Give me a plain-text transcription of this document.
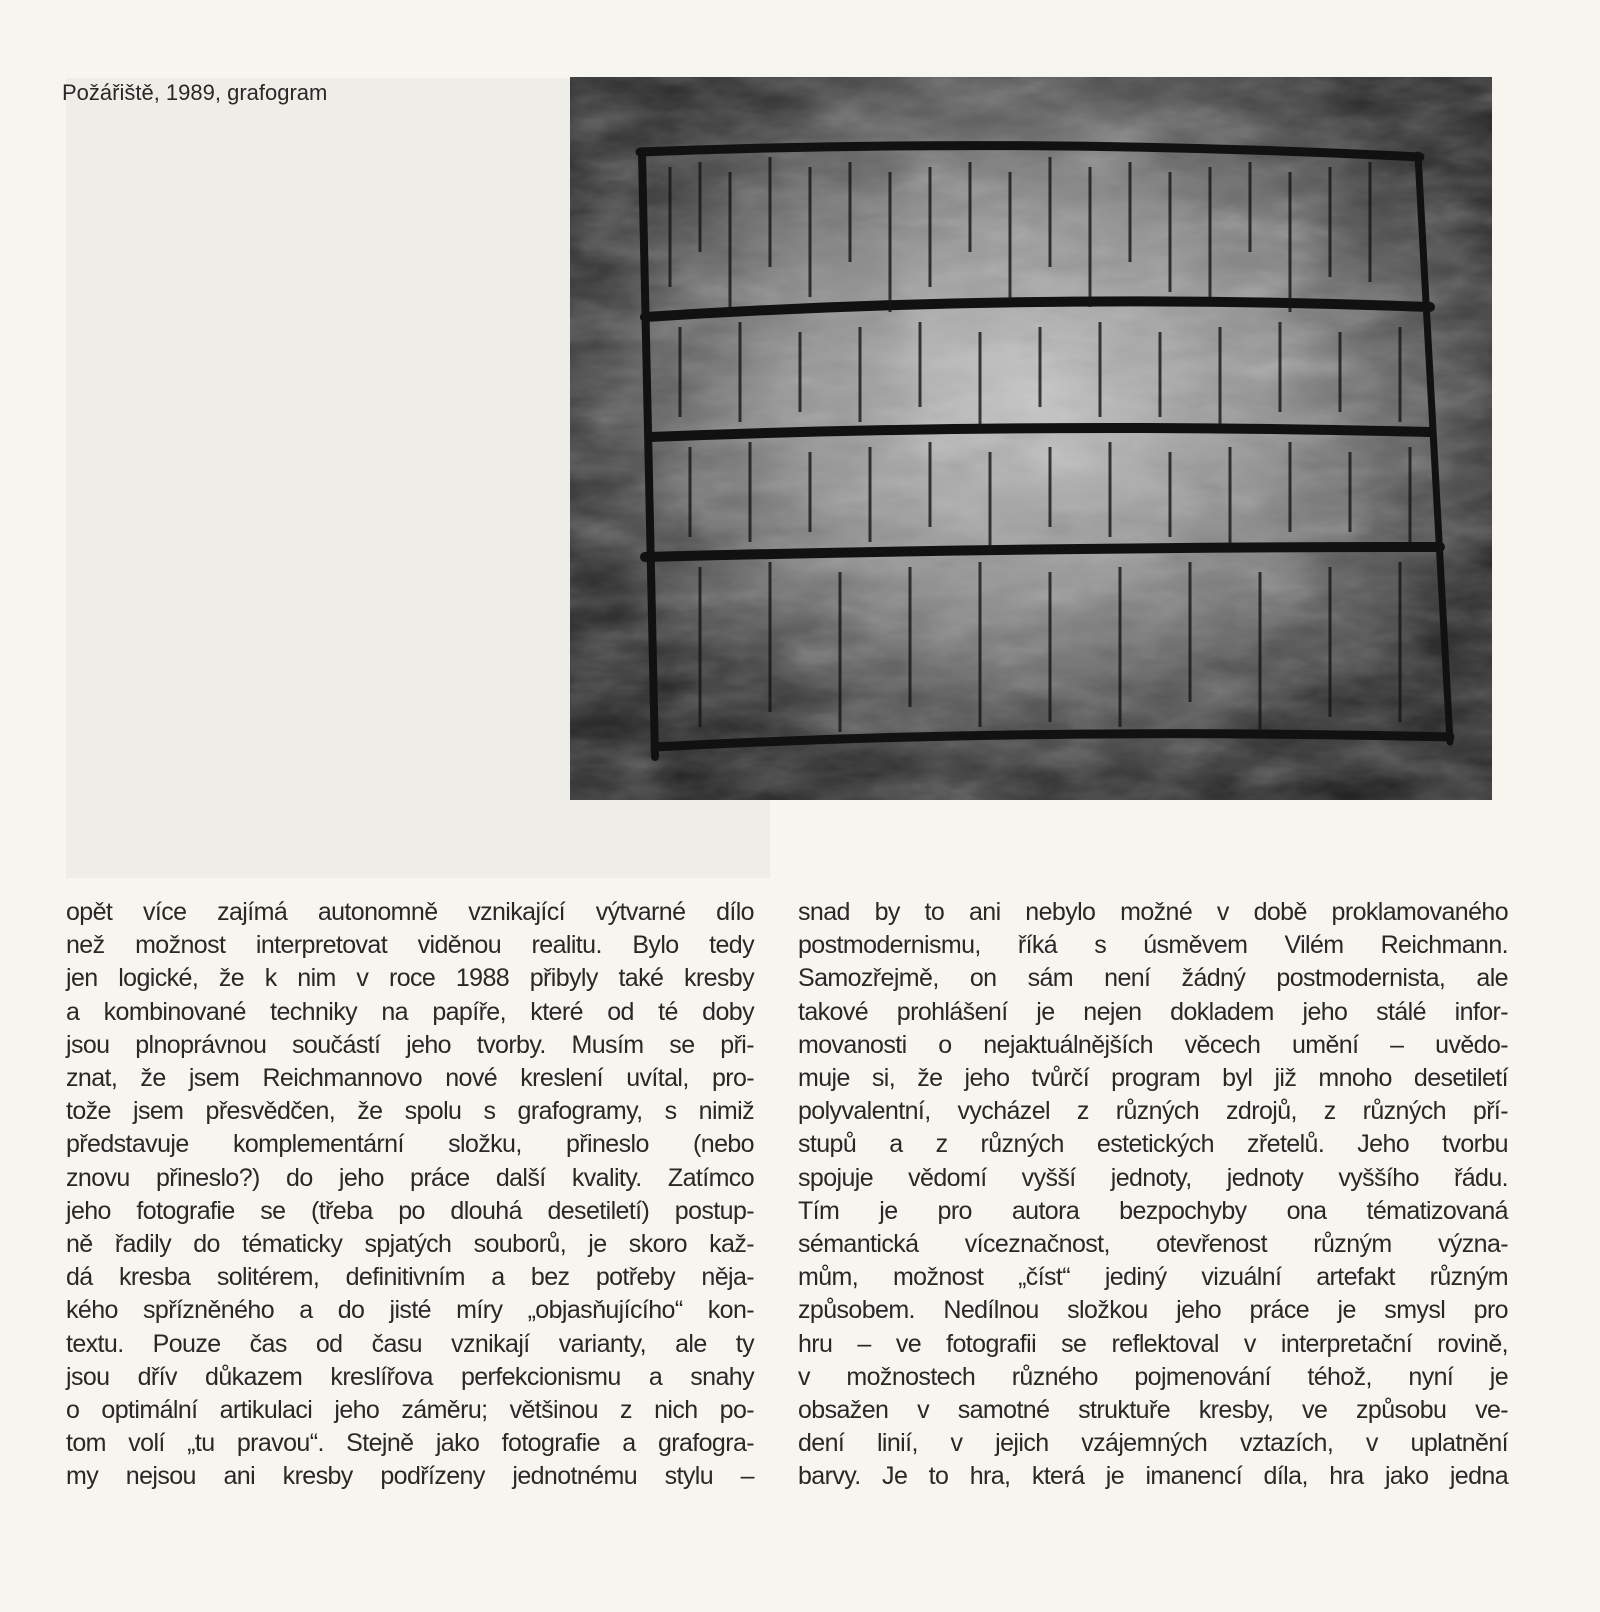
Požářiště, 1989, grafogram
opět více zajímá autonomně vznikající výtvarné dílo
než možnost interpretovat viděnou realitu. Bylo tedy
jen logické, že k nim v roce 1988 přibyly také kresby
a kombinované techniky na papíře, které od té doby
jsou plnoprávnou součástí jeho tvorby. Musím se při-
znat, že jsem Reichmannovo nové kreslení uvítal, pro-
tože jsem přesvědčen, že spolu s grafogramy, s nimiž
představuje komplementární složku, přineslo (nebo
znovu přineslo?) do jeho práce další kvality. Zatímco
jeho fotografie se (třeba po dlouhá desetiletí) postup-
ně řadily do tématicky spjatých souborů, je skoro kaž-
dá kresba solitérem, definitivním a bez potřeby něja-
kého spřízněného a do jisté míry „objasňujícího“ kon-
textu. Pouze čas od času vznikají varianty, ale ty
jsou dřív důkazem kreslířova perfekcionismu a snahy
o optimální artikulaci jeho záměru; většinou z nich po-
tom volí „tu pravou“. Stejně jako fotografie a grafogra-
my nejsou ani kresby podřízeny jednotnému stylu –
snad by to ani nebylo možné v době proklamovaného
postmodernismu, říká s úsměvem Vilém Reichmann.
Samozřejmě, on sám není žádný postmodernista, ale
takové prohlášení je nejen dokladem jeho stálé infor-
movanosti o nejaktuálnějších věcech umění – uvědo-
muje si, že jeho tvůrčí program byl již mnoho desetiletí
polyvalentní, vycházel z různých zdrojů, z různých pří-
stupů a z různých estetických zřetelů. Jeho tvorbu
spojuje vědomí vyšší jednoty, jednoty vyššího řádu.
Tím je pro autora bezpochyby ona tématizovaná
sémantická víceznačnost, otevřenost různým význa-
mům, možnost „číst“ jediný vizuální artefakt různým
způsobem. Nedílnou složkou jeho práce je smysl pro
hru – ve fotografii se reflektoval v interpretační rovině,
v možnostech různého pojmenování téhož, nyní je
obsažen v samotné struktuře kresby, ve způsobu ve-
dení linií, v jejich vzájemných vztazích, v uplatnění
barvy. Je to hra, která je imanencí díla, hra jako jedna
